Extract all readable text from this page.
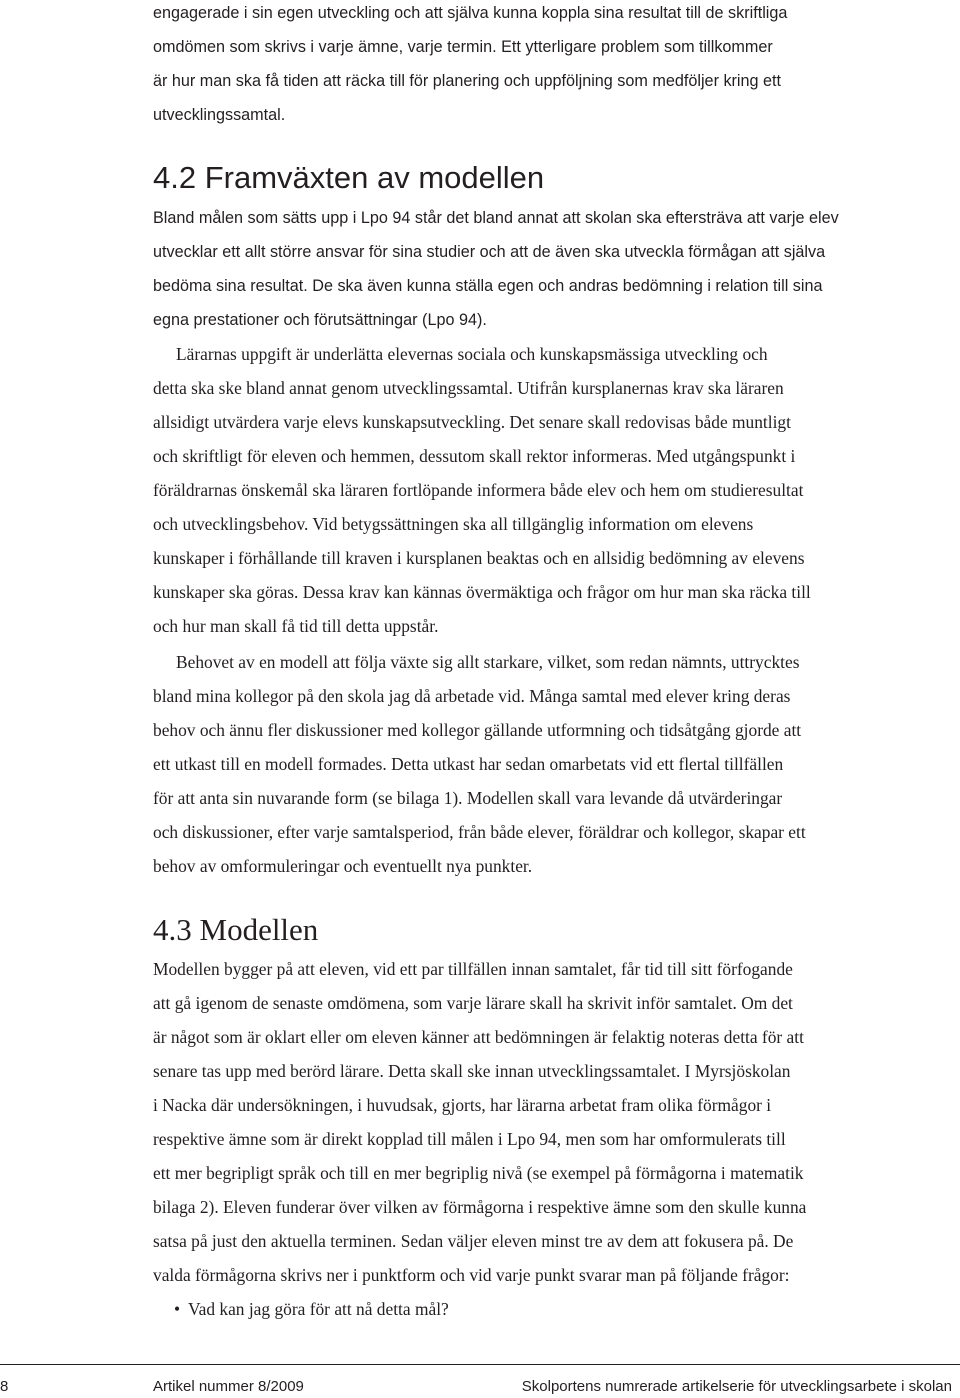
engagerade i sin egen utveckling och att själva kunna koppla sina resultat till de skriftliga
omdömen som skrivs i varje ämne, varje termin. Ett ytterligare problem som tillkommer
är hur man ska få tiden att räcka till för planering och uppföljning som medföljer kring ett
utvecklingssamtal.
4.2 Framväxten av modellen
Bland målen som sätts upp i Lpo 94 står det bland annat att skolan ska eftersträva att varje elev
utvecklar ett allt större ansvar för sina studier och att de även ska utveckla förmågan att själva
bedöma sina resultat. De ska även kunna ställa egen och andras bedömning i relation till sina
egna prestationer och förutsättningar (Lpo 94).
Lärarnas uppgift är underlätta elevernas sociala och kunskapsmässiga utveckling och
detta ska ske bland annat genom utvecklingssamtal. Utifrån kursplanernas krav ska läraren
allsidigt utvärdera varje elevs kunskapsutveckling. Det senare skall redovisas både muntligt
och skriftligt för eleven och hemmen, dessutom skall rektor informeras. Med utgångspunkt i
föräldrarnas önskemål ska läraren fortlöpande informera både elev och hem om studieresultat
och utvecklingsbehov. Vid betygssättningen ska all tillgänglig information om elevens
kunskaper i förhållande till kraven i kursplanen beaktas och en allsidig bedömning av elevens
kunskaper ska göras. Dessa krav kan kännas övermäktiga och frågor om hur man ska räcka till
och hur man skall få tid till detta uppstår.
Behovet av en modell att följa växte sig allt starkare, vilket, som redan nämnts, uttrycktes
bland mina kollegor på den skola jag då arbetade vid. Många samtal med elever kring deras
behov och ännu fler diskussioner med kollegor gällande utformning och tidsåtgång gjorde att
ett utkast till en modell formades. Detta utkast har sedan omarbetats vid ett flertal tillfällen
för att anta sin nuvarande form (se bilaga 1). Modellen skall vara levande då utvärderingar
och diskussioner, efter varje samtalsperiod, från både elever, föräldrar och kollegor, skapar ett
behov av omformuleringar och eventuellt nya punkter.
4.3 Modellen
Modellen bygger på att eleven, vid ett par tillfällen innan samtalet, får tid till sitt förfogande
att gå igenom de senaste omdömena, som varje lärare skall ha skrivit inför samtalet. Om det
är något som är oklart eller om eleven känner att bedömningen är felaktig noteras detta för att
senare tas upp med berörd lärare. Detta skall ske innan utvecklingssamtalet. I Myrsjöskolan
i Nacka där undersökningen, i huvudsak, gjorts, har lärarna arbetat fram olika förmågor i
respektive ämne som är direkt kopplad till målen i Lpo 94, men som har omformulerats till
ett mer begripligt språk och till en mer begriplig nivå (se exempel på förmågorna i matematik
bilaga 2). Eleven funderar över vilken av förmågorna i respektive ämne som den skulle kunna
satsa på just den aktuella terminen. Sedan väljer eleven minst tre av dem att fokusera på. De
valda förmågorna skrivs ner i punktform och vid varje punkt svarar man på följande frågor:
• Vad kan jag göra för att nå detta mål?
8	Artikel nummer 8/2009	Skolportens numrerade artikelserie för utvecklingsarbete i skolan
